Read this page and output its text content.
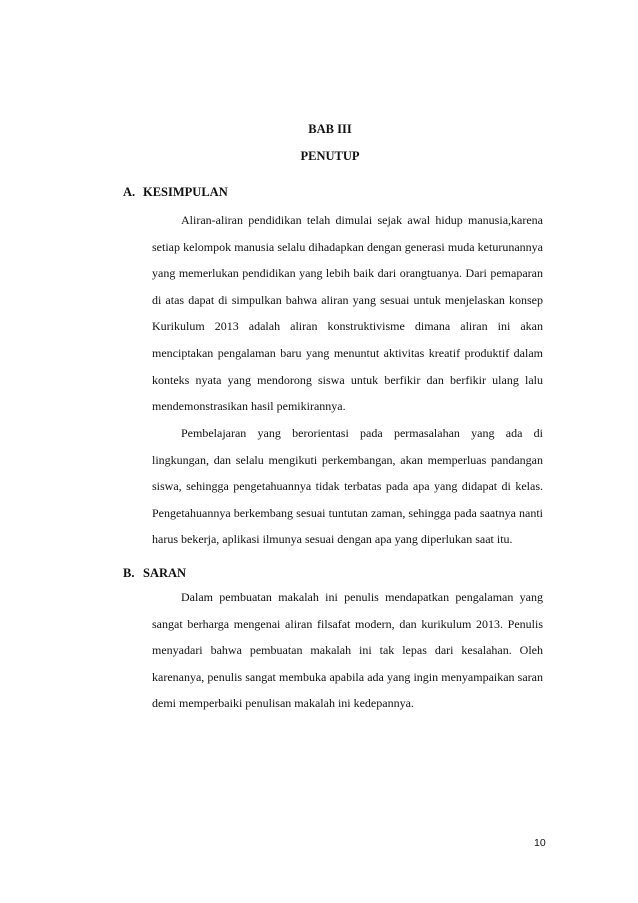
BAB III

PENUTUP

A. KESIMPULAN

Aliran-aliran pendidikan telah dimulai sejak awal hidup manusia,karena setiap kelompok manusia selalu dihadapkan dengan generasi muda keturunannya yang memerlukan pendidikan yang lebih baik dari orangtuanya. Dari pemaparan di atas dapat di simpulkan bahwa aliran yang sesuai untuk menjelaskan konsep Kurikulum 2013 adalah aliran konstruktivisme dimana aliran ini akan menciptakan pengalaman baru yang menuntut aktivitas kreatif produktif dalam konteks nyata yang mendorong siswa untuk berfikir dan berfikir ulang lalu mendemonstrasikan hasil pemikirannya.

Pembelajaran yang berorientasi pada permasalahan yang ada di lingkungan, dan selalu mengikuti perkembangan, akan memperluas pandangan siswa, sehingga pengetahuannya tidak terbatas pada apa yang didapat di kelas. Pengetahuannya berkembang sesuai tuntutan zaman, sehingga pada saatnya nanti harus bekerja, aplikasi ilmunya sesuai dengan apa yang diperlukan saat itu.

B. SARAN

Dalam pembuatan makalah ini penulis mendapatkan pengalaman yang sangat berharga mengenai aliran filsafat modern, dan kurikulum 2013. Penulis menyadari bahwa pembuatan makalah ini tak lepas dari kesalahan. Oleh karenanya, penulis sangat membuka apabila ada yang ingin menyampaikan saran demi memperbaiki penulisan makalah ini kedepannya.

10
